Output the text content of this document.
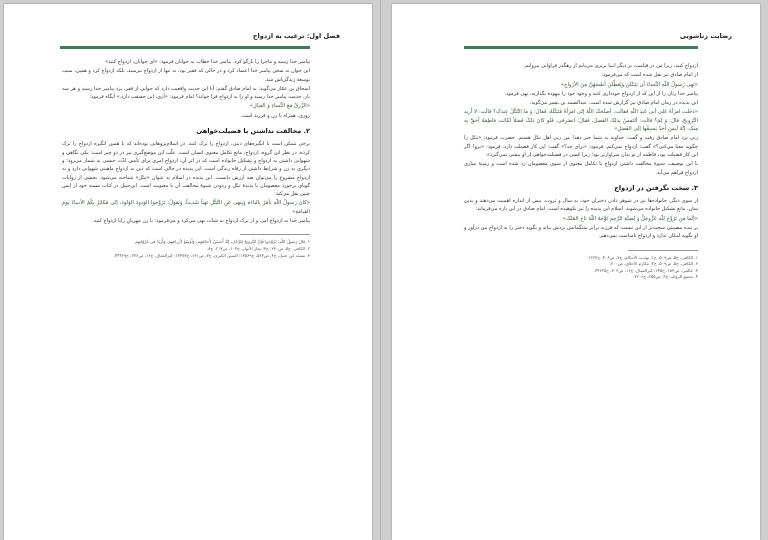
فصل اول: ترغیب به ازدواج

پیامبر خدا رسید و ماجرا را بازگو کرد. پیامبر خدا خطاب به جوانان فرمود: «ای جوانان، ازدواج کنید»

این جوان به سخن پیامبر خدا اعتماد کرد و در حالی که فقیر بود، نه تنها از ازدواج نترسید، بلکه ازدواج کرد و همین، سبب توسعهٔ زندگی‌اش شد.

اسحاق بن عمّار می‌گوید: به امام صادق گفتم: آیا این حدیث واقعیت دارد که جوانی از فقر، نزد پیامبر خدا رسید و هر سه بار، خدمت پیامبر خدا رسید و او را به ازدواج فرا خواند؟ امام فرمود: «آری، این حقیقت دارد.» آنگاه فرمود:

«الرِّزقُ مَعَ النِّساءِ وَ العِیالِ»

روزی، همراه با زن و فرزند است.

۲. مخالفت نداشتن با فضیلت‌خواهی

برخی ممکن است با انگیزه‌های دینی، ازدواج را ترک کنند. در اسلام‌پژوهانی بوده‌اند که با همین انگیزه ازدواج را ترک کرده، در نظر این گروه، ازدواج، مانع تکامل معنوی انسان است. علّت این موضع‌گیری نیز در دو چیز است: یکی نگاهی و شهوانی داشتن به ازدواج و تشکیل خانواده است که در اثر آن، ازدواج امری برای تأمین لذّت جنسی به شمار می‌رود؛ و دیگری به زن و شرایط داشتن از رفاه زندگی است. این پدیده در حالی است که دین به ازدواج ماهیتی شهوانی دارد و نه ازدواج مشروع را می‌توان ضد ارزش دانست. این پدیده در اسلام به عنوان «تبتّل» شناخته می‌شود. بخشی از روایات گویای برخورد معصومان با پدیدهٔ تبتّل و ردودن شیوهٔ مخالفت آن با معنویت است. ابن‌حنبل در کتاب مسند خود از انس چنین نقل می‌کند:

«کانَ رَسولُ اللّهِ یَأمُرُ بِالباءَةِ وَیَنهی عَنِ التَّبَتُّلِ نَهیاً شَدیداً، وَیَقولُ: تَزَوَّجوا الوَدودَ الوَلودَ، إنّی مُکاثِرٌ بِکُمُ الأنبیاءَ یَومَ القیامَةِ»

پیامبر خدا به ازدواج امر، و از ترک ازدواج به شدّت نهی می‌کرد و می‌فرمود: با زن مهربانِ زایا ازدواج کنید.

۱. قالَ رَسولُ اللّهِ: تَزَوَّجوا فَإِنَّ التَّزویجَ لِلرَّجُلِ، إِنَّهُ أَحسَنُ لِأَخلاقِهِم، وَأَوسَعُ لِأَرزاقِهِم، وَأَزیَدُ فی مُرُوّاتِهِم.

۲. الکافی، ج۵، ص۳۳۰، ح۳؛ بحار الأنوار، ج۱۰۳، ص۲۱۷، ح۸.

۳. مسند ابن حنبل، ج۴، ص۵۶۷، ح۱۳۵۶۹؛ السنن الکبری، ج۷، ص۱۳۱، ح۱۳۴۷۷؛ کنزالعمال، ج۱۶، ص۲۷۶، ح۴۴۴۲۹.

رضایت زناشویی

ازدواج کنید، زیرا من در قیامت، بر دیگر انبیا برتری می‌یابم از رهگذر فراوانی پیروانم.

از امام صادق نیز نقل شده است که می‌فرمود:

«نَهی رَسولُ اللّهِ النِّساءَ أن یَتَبَتَّلنَ وَیُعَطِّلنَ أنفُسَهُنَّ مِنَ الأزواجِ»

پیامبر خدا زنان را از این که از ازدواج خودداری کنند و وجود خود را بیهوده بگذارند، نهی فرمود.

این پدیده در زمان امام صادق نیز گزارش شده است. عبدالصمد بن بشیر می‌گوید:

«دَخَلَت امرَأةٌ عَلی أبی عَبدِ اللّهِ فَقالَت: أصلَحَکَ اللّهُ إنّی امرَأةٌ مُتَبَتِّلَةٌ، فَقالَ: وَ ما التَّبَتُّلُ عِندَکِ؟ قالَت: لا اُرید التَّزویجَ، قالَ: وَ لِمَ؟ قالَت: ألتَمِسُ بِذلِکَ الفَضلَ، فَقالَ: انصَرِفی، فَلَو کانَ ذلِکَ فَضلاً لَکانَت فاطِمَةُ أحَقَّ بِهِ مِنکِ، إنَّهُ لَیسَ أحَدٌ یَسبِقُها إلَی الفَضلِ»

زنی نزد امام صادق رفت و گفت: خداوند به شما خیر دهد! من زنی اهل تبتّل هستم. حضرت فرمود: «تبتّل را چگونه معنا می‌کنی؟» گفت: ازدواج نمی‌کنم. فرمود: «برای چه؟» گفت: این کار فضیلت دارد. فرمود: «برو! اگر این کار فضیلت بود، فاطمه از تو بدان سزاوارتر بود؛ زیرا کسی در فضیلت‌خواهی از او پیشی نمی‌گیرد».

با این توصیف، شیوهٔ مخالفت داشتن ازدواج با تکامل معنوی از سوی معصومان رد شده است و زمینهٔ سازی ازدواج فراهم می‌آید.

۳. سخت نگرفتن در ازدواج

از سوی دیگر، خانواده‌ها نیز در شوهر دادن دختران خود، به سال و ثروت، بیش از اندازه اهمیت می‌دهند و بدین سان، مانع تشکیل خانواده می‌شوند. اسلام این پدیده را نیز نکوهیده است. امام صادق در این باره می‌فرماید:

«إنَّما مَن تَزَوَّجَ لِلّهِ عَزَّوجَلَّ وَ لِصِلَةِ الرَّحِمِ تَوَّجَهُ اللّهُ تاجَ المُلکِ»

بر بنده مصیبتی سخت‌تر از این نیست که فرزند برابر سنگمانش نزدش بیاید و بگوید دختر را به ازدواج من درآور و او بگوید امکان ندارد و ازدواج نامناسب نمی‌دهم.

۱. الکافی، ج۵، ص۵۰۹، ح۱؛ تهذیب الأحکام، ج۷، ص۴۰۶، ح۱۶۲۴.

۲. الکافی، ج۵، ص۵۰۹، ح۲؛ مکارم الأخلاق، ص۲۰۰.

۳. عالمی، ص۱۸۴، ح۱۴۵؛ کنزالعمال، ج۱۶، ص۳۰۳، ح۴۴۶۲۵.

۴. مجمع الزوائد، ج۴، ص۲۵۵، ح۷۲۰۶.
